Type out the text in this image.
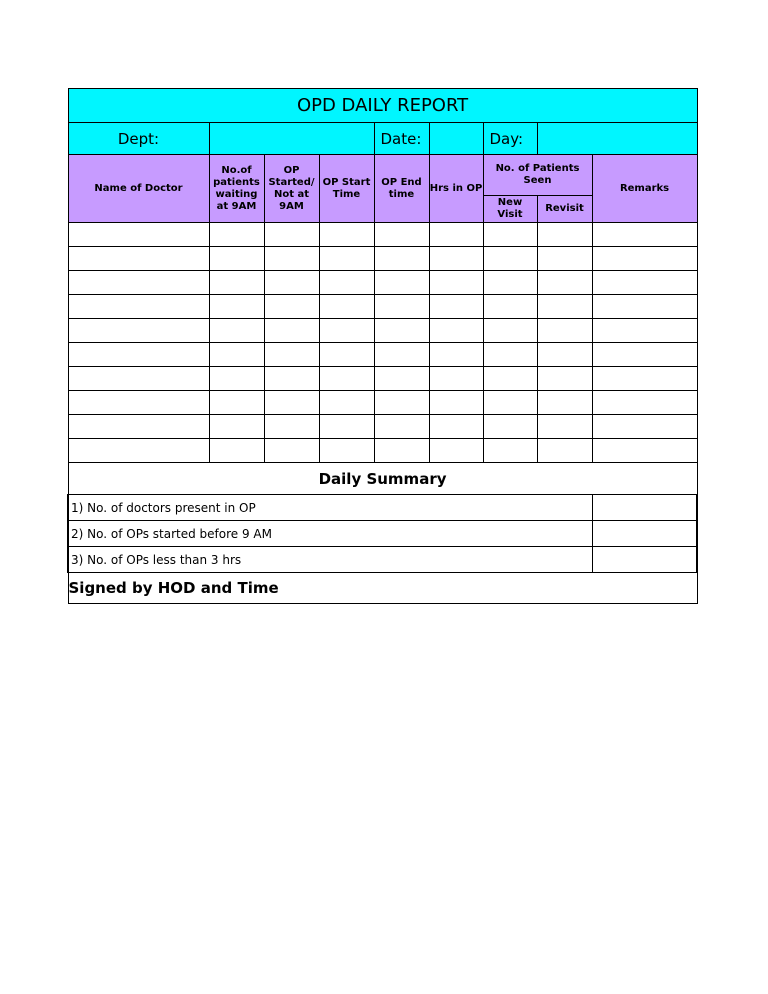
OPD DAILY REPORT								
Dept:				Date:		Day:		
Name of Doctor	No.of patients waiting at 9AM	OP Started/ Not at 9AM	OP Start Time	OP End time	Hrs in OP	No. of Patients Seen		Remarks
						New Visit	Revisit	

Daily Summary								
1) No. of doctors present in OP								
2) No. of OPs started before 9 AM								
3) No. of OPs less than 3 hrs								
Signed by HOD and Time								
